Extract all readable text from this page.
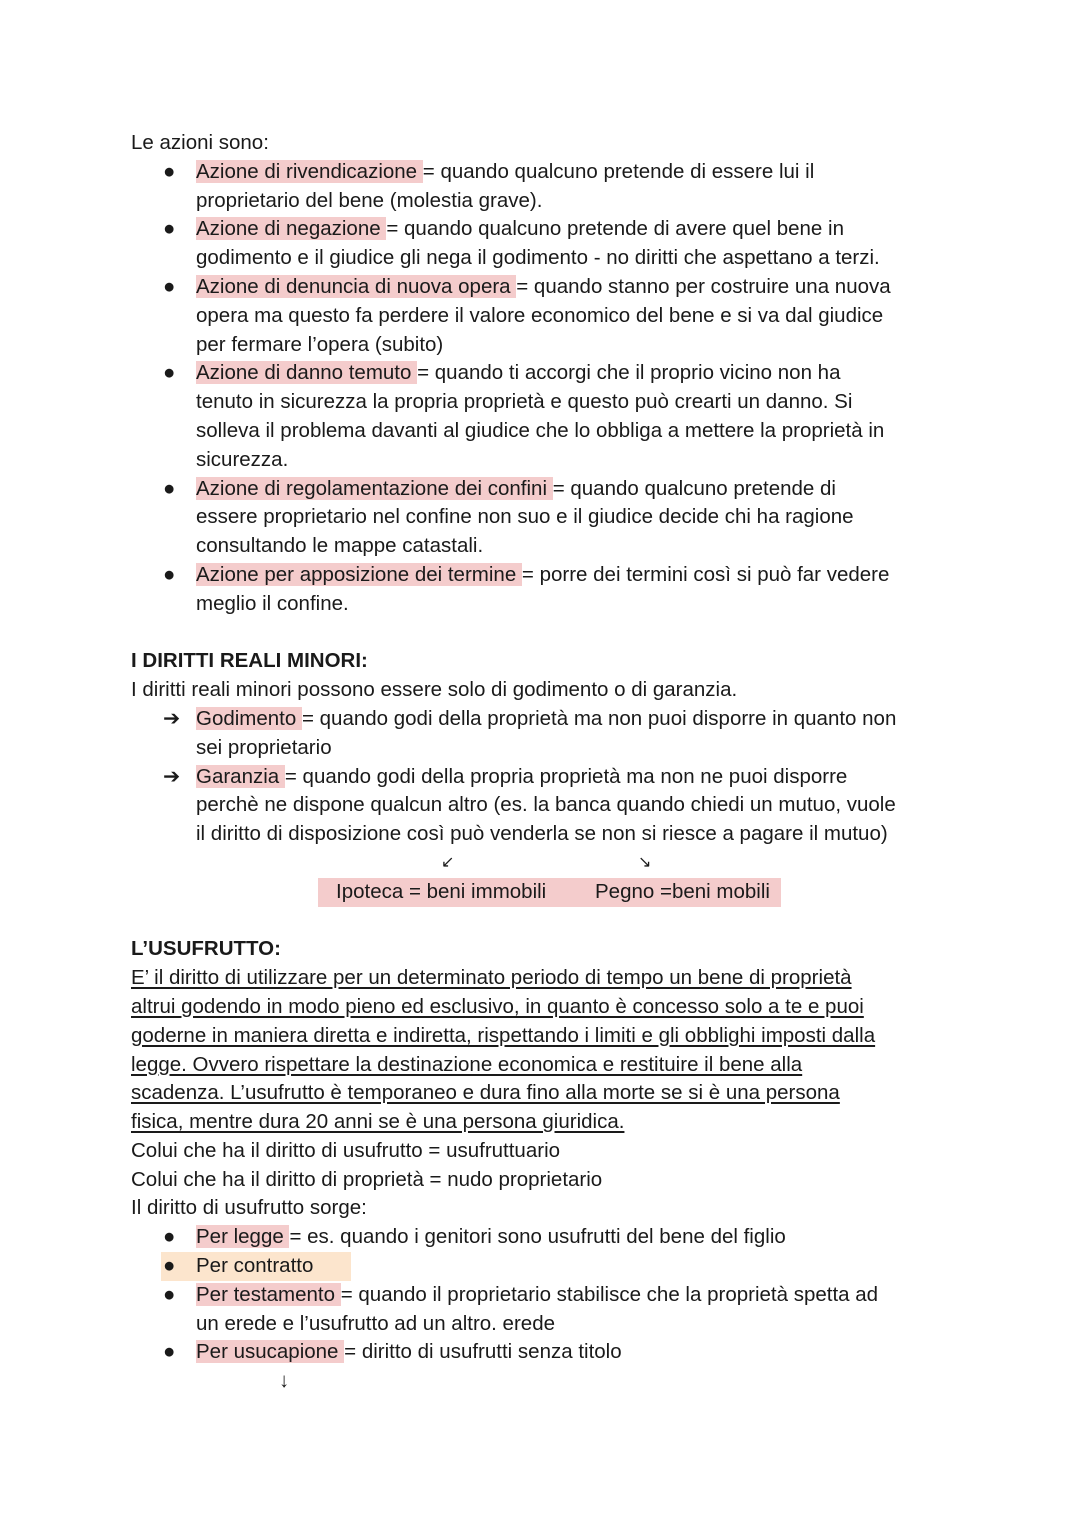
Le azioni sono:
● Azione di rivendicazione = quando qualcuno pretende di essere lui il
proprietario del bene (molestia grave).
● Azione di negazione = quando qualcuno pretende di avere quel bene in
godimento e il giudice gli nega il godimento - no diritti che aspettano a terzi.
● Azione di denuncia di nuova opera = quando stanno per costruire una nuova
opera ma questo fa perdere il valore economico del bene e si va dal giudice
per fermare l’opera (subito)
● Azione di danno temuto = quando ti accorgi che il proprio vicino non ha
tenuto in sicurezza la propria proprietà e questo può crearti un danno. Si
solleva il problema davanti al giudice che lo obbliga a mettere la proprietà in
sicurezza.
● Azione di regolamentazione dei confini = quando qualcuno pretende di
essere proprietario nel confine non suo e il giudice decide chi ha ragione
consultando le mappe catastali.
● Azione per apposizione dei termine = porre dei termini così si può far vedere
meglio il confine.
I DIRITTI REALI MINORI:
I diritti reali minori possono essere solo di godimento o di garanzia.
➔ Godimento = quando godi della proprietà ma non puoi disporre in quanto non
sei proprietario
➔ Garanzia = quando godi della propria proprietà ma non ne puoi disporre
perchè ne dispone qualcun altro (es. la banca quando chiedi un mutuo, vuole
il diritto di disposizione così può venderla se non si riesce a pagare il mutuo)
↙	↘
Ipoteca = beni immobili Pegno =beni mobili
L’USUFRUTTO:
E’ il diritto di utilizzare per un determinato periodo di tempo un bene di proprietà
altrui godendo in modo pieno ed esclusivo, in quanto è concesso solo a te e puoi
goderne in maniera diretta e indiretta, rispettando i limiti e gli obblighi imposti dalla
legge. Ovvero rispettare la destinazione economica e restituire il bene alla
scadenza. L’usufrutto è temporaneo e dura fino alla morte se si è una persona
fisica, mentre dura 20 anni se è una persona giuridica.
Colui che ha il diritto di usufrutto = usufruttuario
Colui che ha il diritto di proprietà = nudo proprietario
Il diritto di usufrutto sorge:
● Per legge = es. quando i genitori sono usufrutti del bene del figlio
● Per contratto
● Per testamento = quando il proprietario stabilisce che la proprietà spetta ad
un erede e l’usufrutto ad un altro. erede
● Per usucapione = diritto di usufrutti senza titolo
↓
